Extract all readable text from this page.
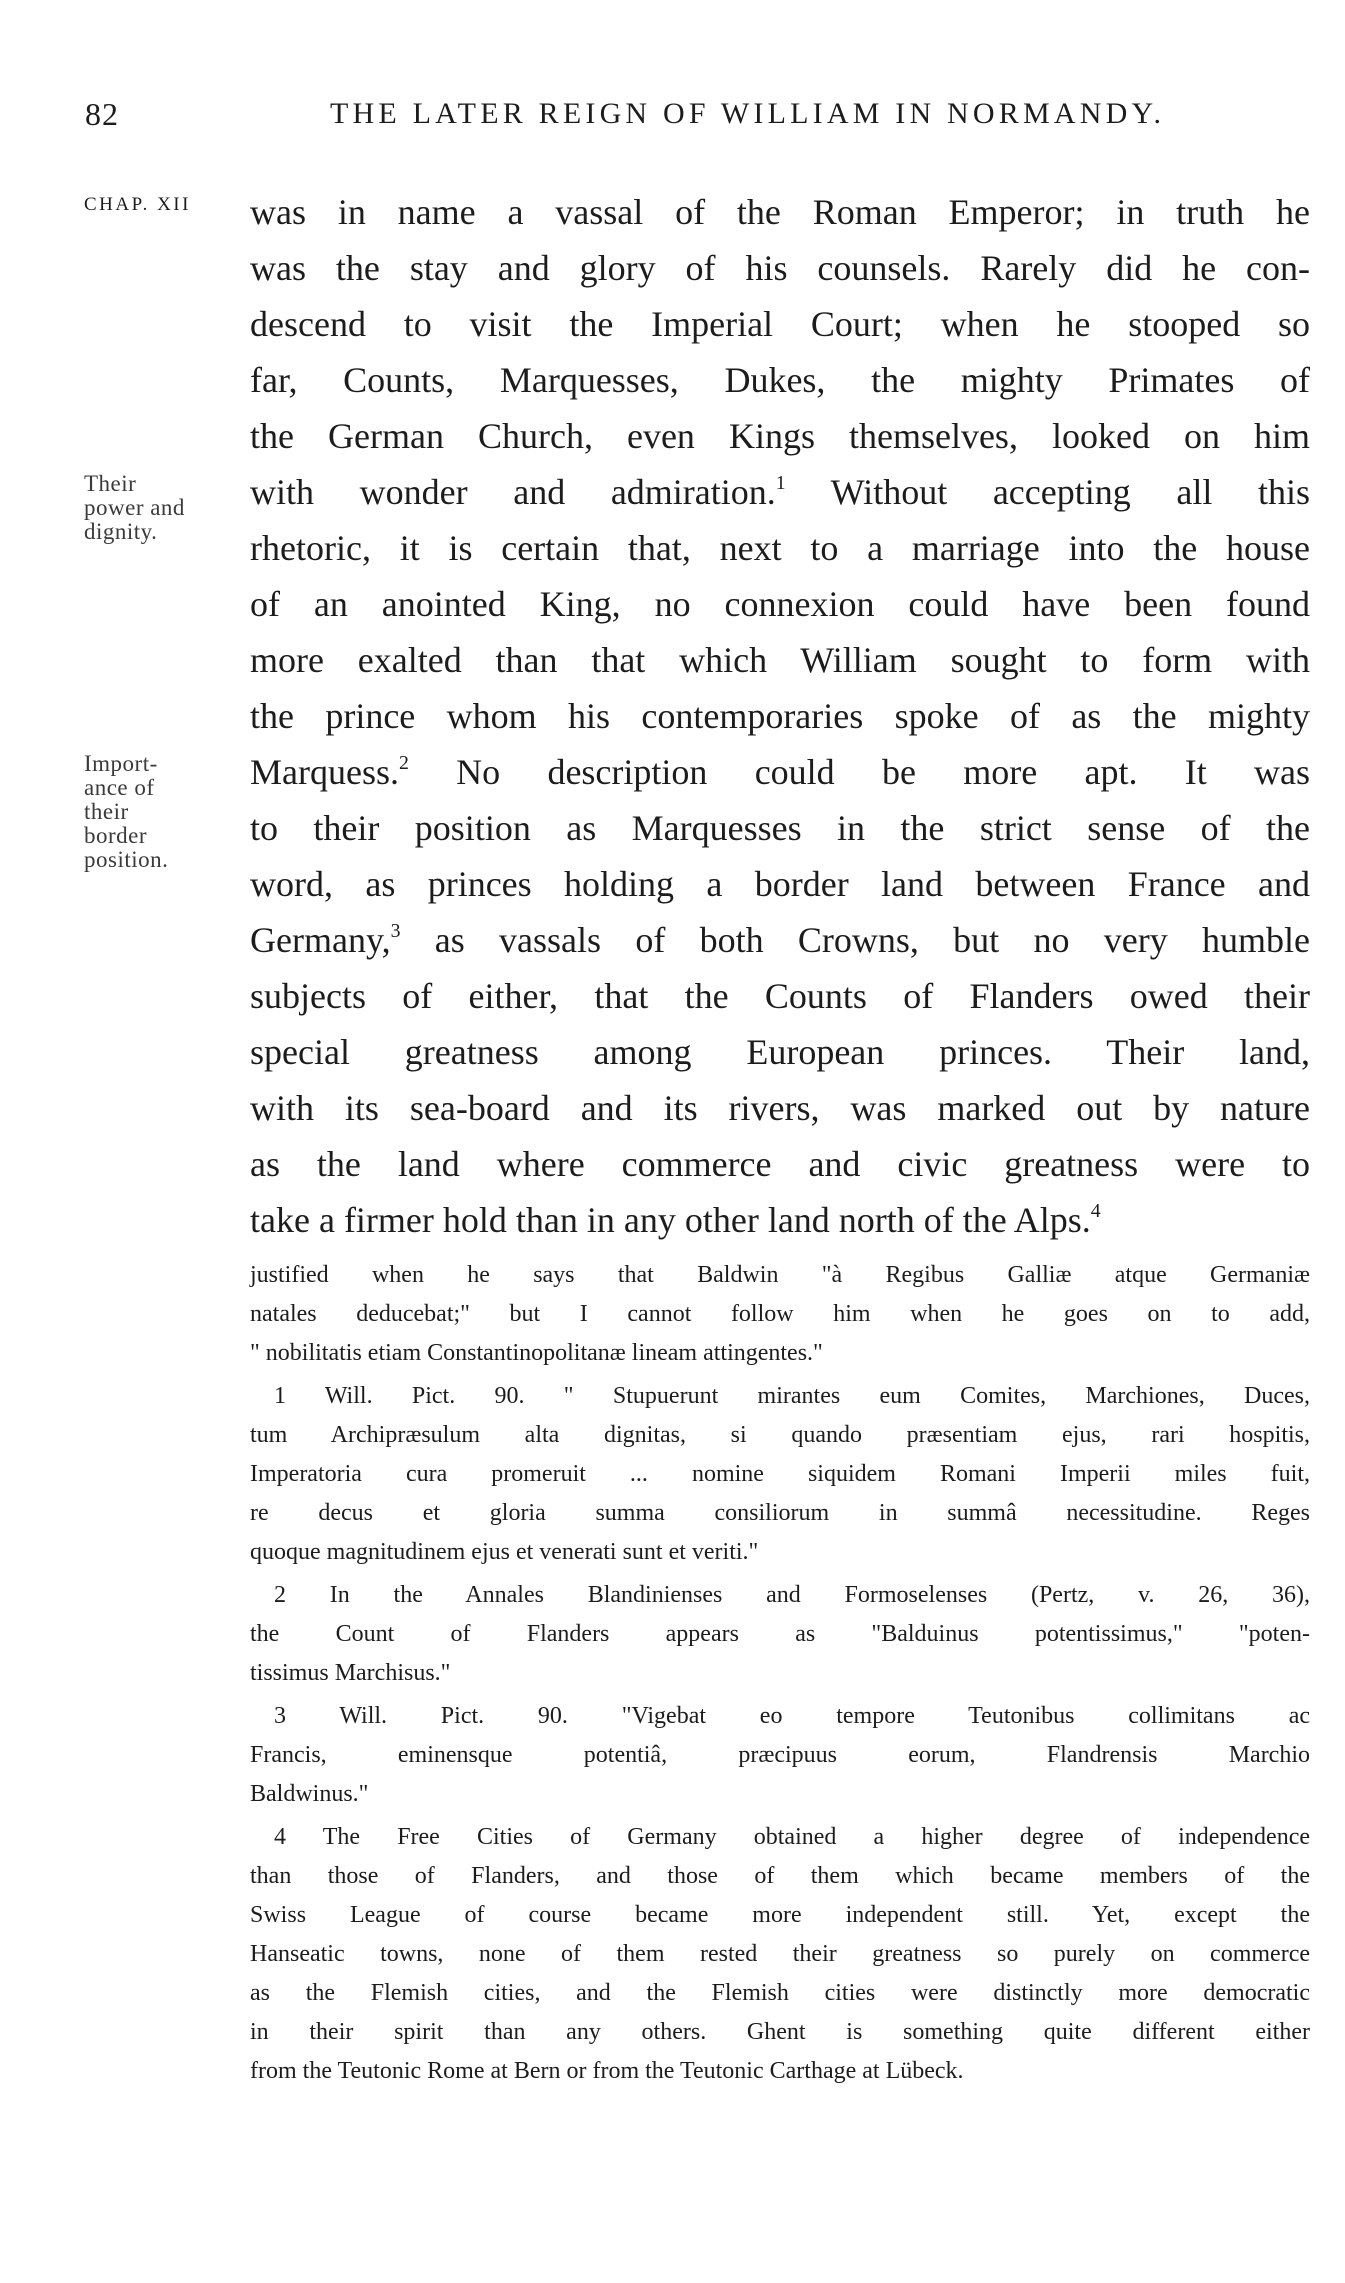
82	THE LATER REIGN OF WILLIAM IN NORMANDY.
CHAP. XII
Their
power and
dignity.
Import-
ance of
their
border
position.
was in name a vassal of the Roman Emperor; in truth he
was the stay and glory of his counsels. Rarely did he con-
descend to visit the Imperial Court; when he stooped so
far, Counts, Marquesses, Dukes, the mighty Primates of
the German Church, even Kings themselves, looked on him
with wonder and admiration.$^1$ Without accepting all this
rhetoric, it is certain that, next to a marriage into the house
of an anointed King, no connexion could have been found
more exalted than that which William sought to form with
the prince whom his contemporaries spoke of as the mighty
Marquess.$^2$ No description could be more apt. It was
to their position as Marquesses in the strict sense of the
word, as princes holding a border land between France and
Germany,$^3$ as vassals of both Crowns, but no very humble
subjects of either, that the Counts of Flanders owed their
special greatness among European princes. Their land,
with its sea-board and its rivers, was marked out by nature
as the land where commerce and civic greatness were to
take a firmer hold than in any other land north of the Alps.$^4$
justified when he says that Baldwin "à Regibus Galliæ atque Germaniæ
natales deducebat;" but I cannot follow him when he goes on to add,
" nobilitatis etiam Constantinopolitanæ lineam attingentes."
1 Will. Pict. 90. " Stupuerunt mirantes eum Comites, Marchiones, Duces,
tum Archipræsulum alta dignitas, si quando præsentiam ejus, rari hospitis,
Imperatoria cura promeruit ... nomine siquidem Romani Imperii miles fuit,
re decus et gloria summa consiliorum in summâ necessitudine. Reges
quoque magnitudinem ejus et venerati sunt et veriti."
2 In the Annales Blandinienses and Formoselenses (Pertz, v. 26, 36),
the Count of Flanders appears as "Balduinus potentissimus," "poten-
tissimus Marchisus."
3 Will. Pict. 90. "Vigebat eo tempore Teutonibus collimitans ac
Francis, eminensque potentiâ, præcipuus eorum, Flandrensis Marchio
Baldwinus."
4 The Free Cities of Germany obtained a higher degree of independence
than those of Flanders, and those of them which became members of the
Swiss League of course became more independent still. Yet, except the
Hanseatic towns, none of them rested their greatness so purely on commerce
as the Flemish cities, and the Flemish cities were distinctly more democratic
in their spirit than any others. Ghent is something quite different either
from the Teutonic Rome at Bern or from the Teutonic Carthage at Lübeck.
